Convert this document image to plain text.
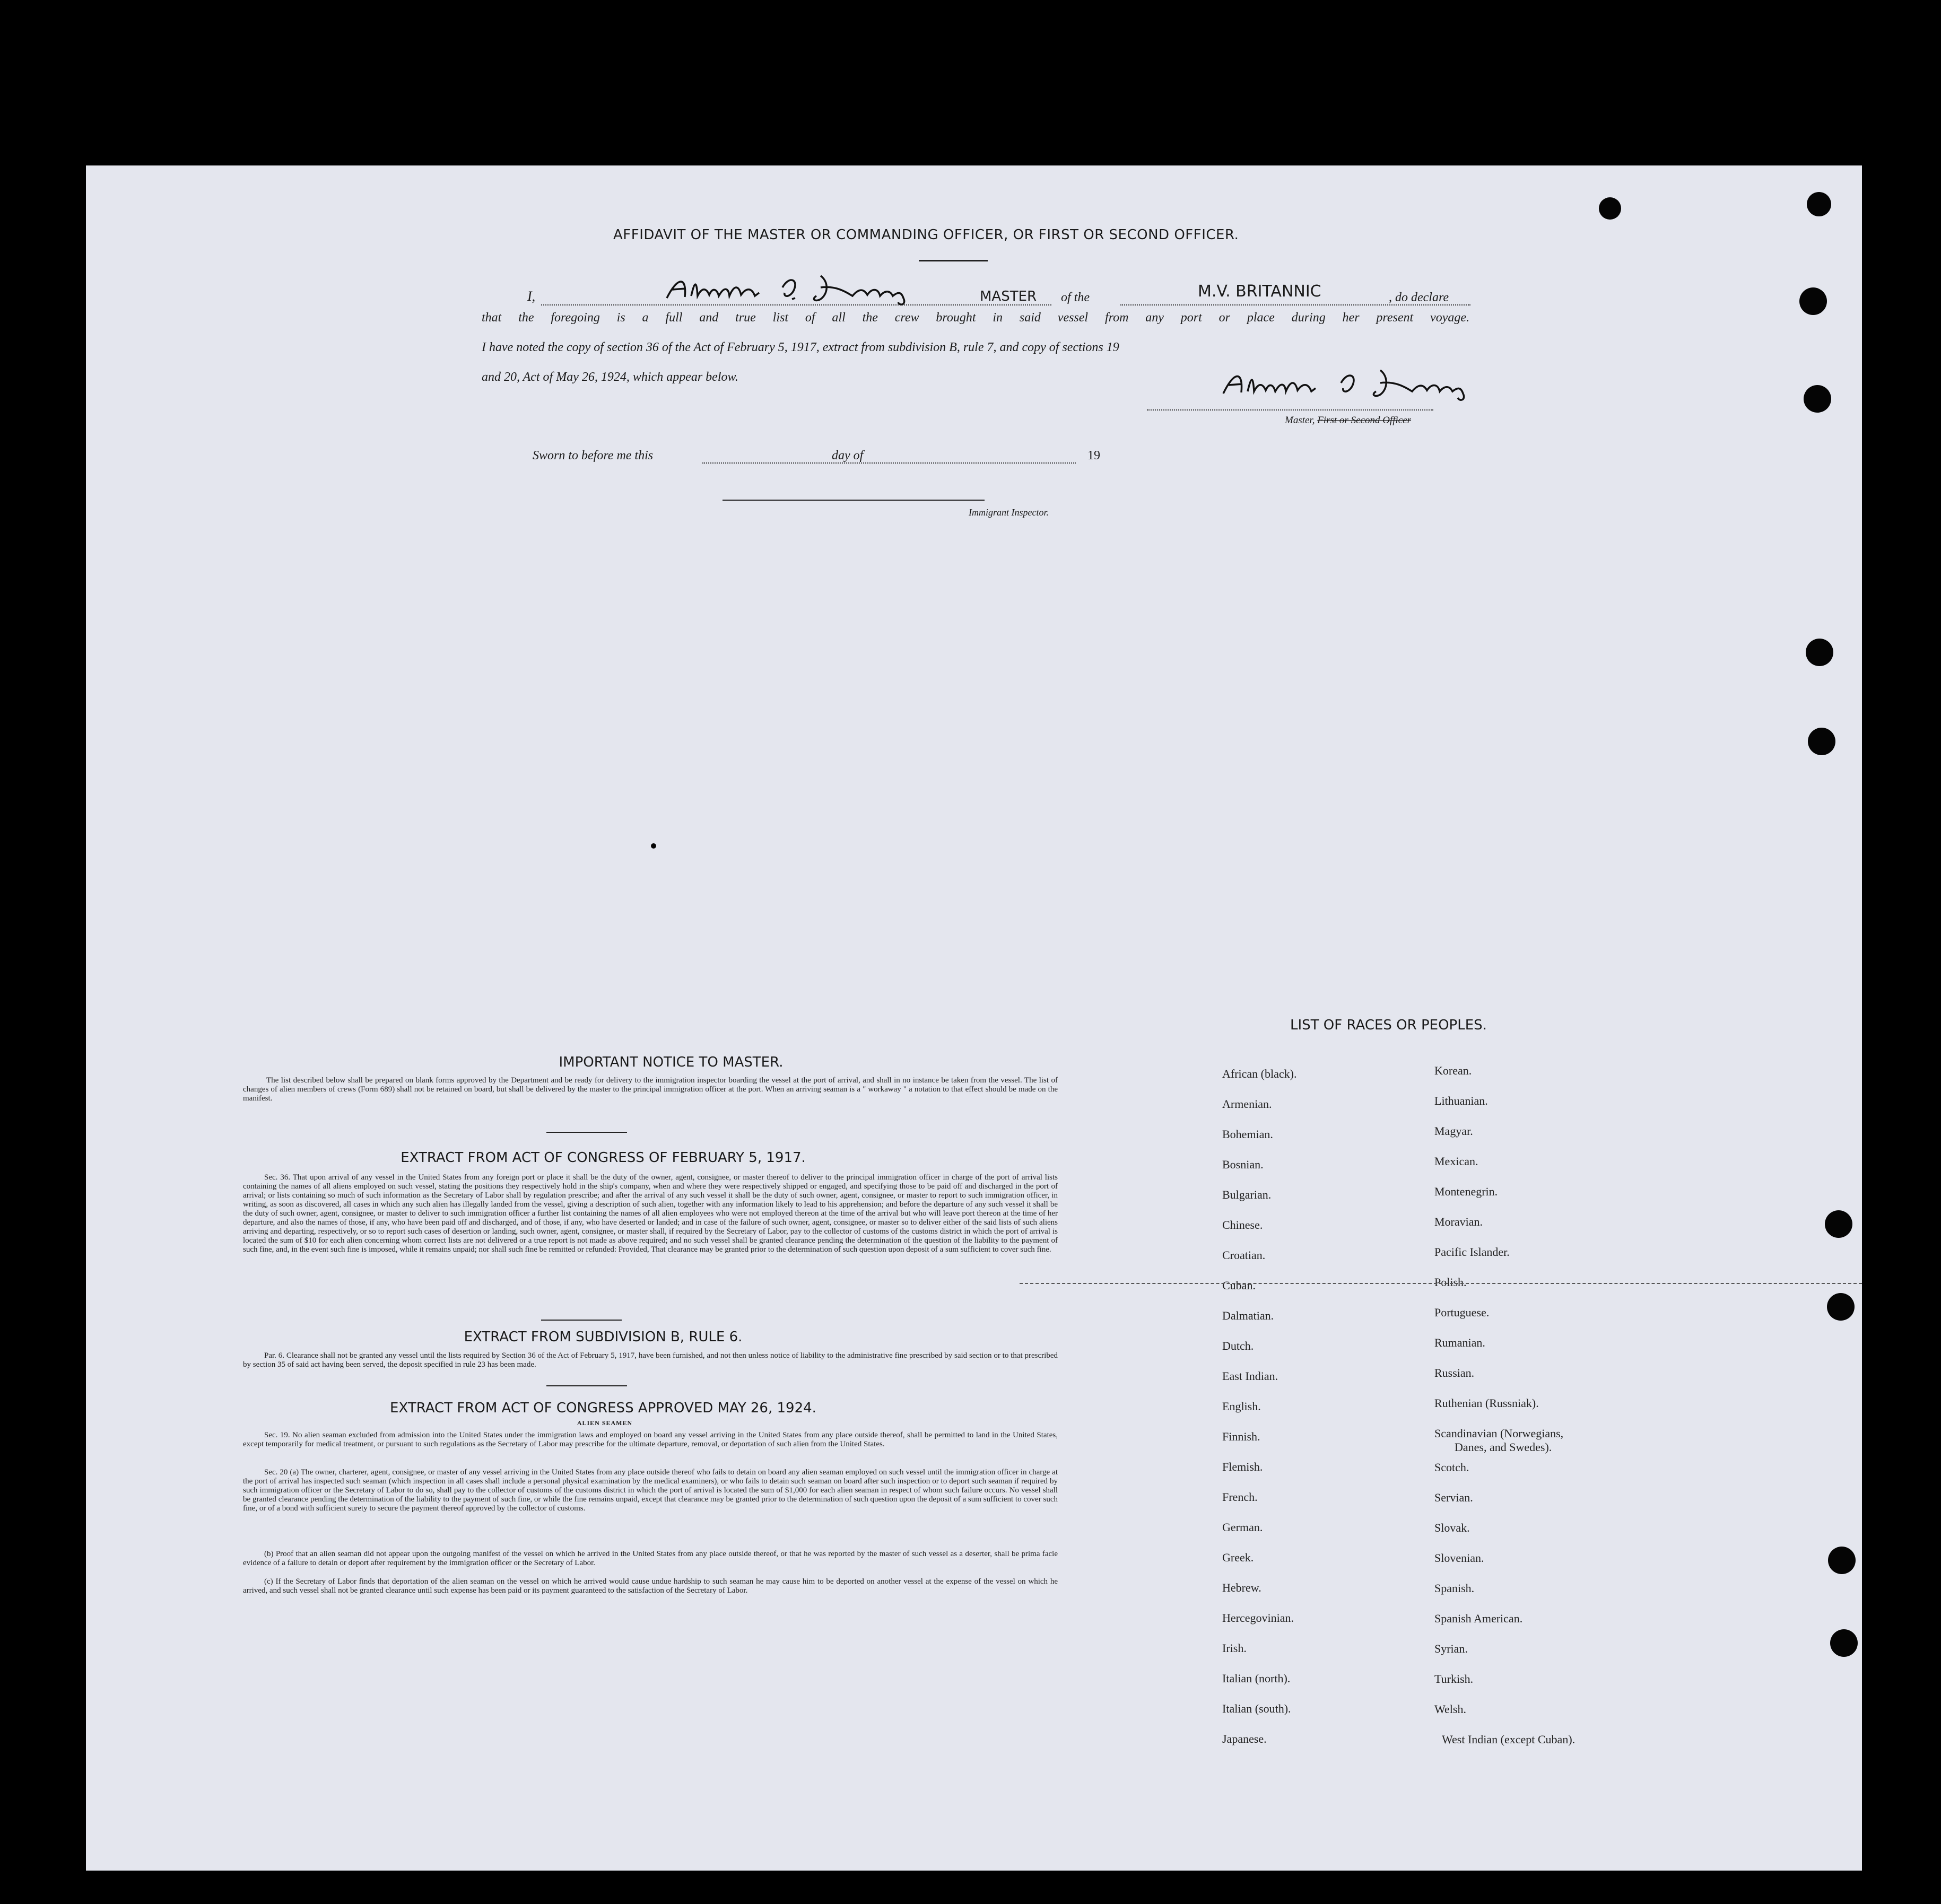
AFFIDAVIT OF THE MASTER OR COMMANDING OFFICER, OR FIRST OR SECOND OFFICER.
I,	MASTER of the	M.V. BRITANNIC	, do declare
that the foregoing is a full and true list of all the crew brought in said vessel from any port or place during her present voyage.
I have noted the copy of section 36 of the Act of February 5, 1917, extract from subdivision B, rule 7, and copy of sections 19
and 20, Act of May 26, 1924, which appear below.
Master, First or Second Officer
Sworn to before me this	day of	19
Immigrant Inspector.
IMPORTANT NOTICE TO MASTER.

The list described below shall be prepared on blank forms approved by the Department and be ready for delivery to the immigration inspector boarding the vessel at the port of arrival, and shall in no instance be taken from the vessel. The list of changes of alien members of crews (Form 689) shall not be retained on board, but shall be delivered by the master to the principal immigration officer at the port. When an arriving seaman is a " workaway " a notation to that effect should be made on the manifest.

EXTRACT FROM ACT OF CONGRESS OF FEBRUARY 5, 1917.

Sec. 36. That upon arrival of any vessel in the United States from any foreign port or place it shall be the duty of the owner, agent, consignee, or master thereof to deliver to the principal immigration officer in charge of the port of arrival lists containing the names of all aliens employed on such vessel, stating the positions they respectively hold in the ship's company, when and where they were respectively shipped or engaged, and specifying those to be paid off and discharged in the port of arrival; or lists containing so much of such information as the Secretary of Labor shall by regulation prescribe; and after the arrival of any such vessel it shall be the duty of such owner, agent, consignee, or master to report to such immigration officer, in writing, as soon as discovered, all cases in which any such alien has illegally landed from the vessel, giving a description of such alien, together with any information likely to lead to his apprehension; and before the departure of any such vessel it shall be the duty of such owner, agent, consignee, or master to deliver to such immigration officer a further list containing the names of all alien employees who were not employed thereon at the time of the arrival but who will leave port thereon at the time of her departure, and also the names of those, if any, who have been paid off and discharged, and of those, if any, who have deserted or landed; and in case of the failure of such owner, agent, consignee, or master so to deliver either of the said lists of such aliens arriving and departing, respectively, or so to report such cases of desertion or landing, such owner, agent, consignee, or master shall, if required by the Secretary of Labor, pay to the collector of customs of the customs district in which the port of arrival is located the sum of $10 for each alien concerning whom correct lists are not delivered or a true report is not made as above required; and no such vessel shall be granted clearance pending the determination of the question of the liability to the payment of such fine, and, in the event such fine is imposed, while it remains unpaid; nor shall such fine be remitted or refunded: Provided, That clearance may be granted prior to the determination of such question upon deposit of a sum sufficient to cover such fine.

EXTRACT FROM SUBDIVISION B, RULE 6.

Par. 6. Clearance shall not be granted any vessel until the lists required by Section 36 of the Act of February 5, 1917, have been furnished, and not then unless notice of liability to the administrative fine prescribed by said section or to that prescribed by section 35 of said act having been served, the deposit specified in rule 23 has been made.

EXTRACT FROM ACT OF CONGRESS APPROVED MAY 26, 1924.
ALIEN SEAMEN

Sec. 19. No alien seaman excluded from admission into the United States under the immigration laws and employed on board any vessel arriving in the United States from any place outside thereof, shall be permitted to land in the United States, except temporarily for medical treatment, or pursuant to such regulations as the Secretary of Labor may prescribe for the ultimate departure, removal, or deportation of such alien from the United States.

Sec. 20 (a) The owner, charterer, agent, consignee, or master of any vessel arriving in the United States from any place outside thereof who fails to detain on board any alien seaman employed on such vessel until the immigration officer in charge at the port of arrival has inspected such seaman (which inspection in all cases shall include a personal physical examination by the medical examiners), or who fails to detain such seaman on board after such inspection or to deport such seaman if required by such immigration officer or the Secretary of Labor to do so, shall pay to the collector of customs of the customs district in which the port of arrival is located the sum of $1,000 for each alien seaman in respect of whom such failure occurs. No vessel shall be granted clearance pending the determination of the liability to the payment of such fine, or while the fine remains unpaid, except that clearance may be granted prior to the determination of such question upon the deposit of a sum sufficient to cover such fine, or of a bond with sufficient surety to secure the payment thereof approved by the collector of customs.

(b) Proof that an alien seaman did not appear upon the outgoing manifest of the vessel on which he arrived in the United States from any place outside thereof, or that he was reported by the master of such vessel as a deserter, shall be prima facie evidence of a failure to detain or deport after requirement by the immigration officer or the Secretary of Labor.

(c) If the Secretary of Labor finds that deportation of the alien seaman on the vessel on which he arrived would cause undue hardship to such seaman he may cause him to be deported on another vessel at the expense of the vessel on which he arrived, and such vessel shall not be granted clearance until such expense has been paid or its payment guaranteed to the satisfaction of the Secretary of Labor.

LIST OF RACES OR PEOPLES.
African (black).
Armenian.
Bohemian.
Bosnian.
Bulgarian.
Chinese.
Croatian.
Cuban.
Dalmatian.
Dutch.
East Indian.
English.
Finnish.
Flemish.
French.
German.
Greek.
Hebrew.
Hercegovinian.
Irish.
Italian (north).
Italian (south).
Japanese.
Korean.
Lithuanian.
Magyar.
Mexican.
Montenegrin.
Moravian.
Pacific Islander.
Polish.
Portuguese.
Rumanian.
Russian.
Ruthenian (Russniak).
Scandinavian (Norwegians,
Danes, and Swedes).
Scotch.
Servian.
Slovak.
Slovenian.
Spanish.
Spanish American.
Syrian.
Turkish.
Welsh.
West Indian (except Cuban).
